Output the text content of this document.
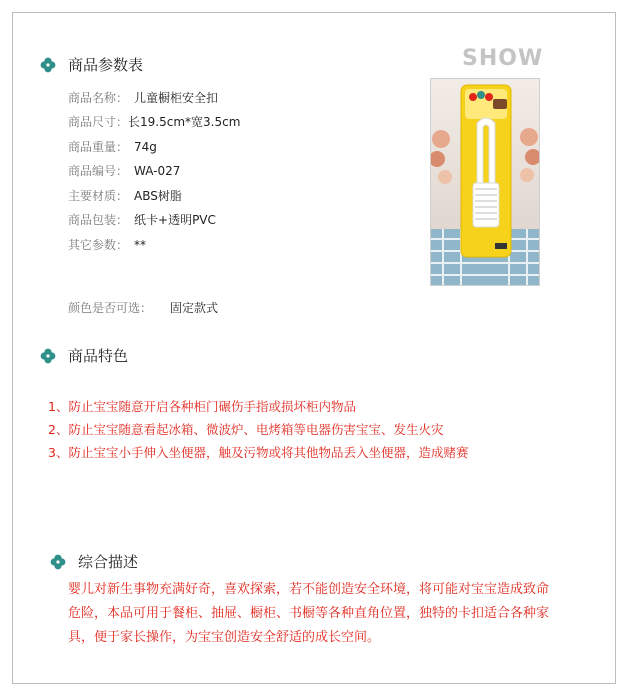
商品参数表
商品名称： 儿童橱柜安全扣
商品尺寸：长19.5cm*宽3.5cm
商品重量： 74g
商品编号： WA-027
主要材质： ABS树脂
商品包装： 纸卡+透明PVC
其它参数： **
颜色是否可选： 固定款式
SHOW
商品特色
1、防止宝宝随意开启各种柜门碾伤手指或损坏柜内物品
2、防止宝宝随意看起冰箱、微波炉、电烤箱等电器伤害宝宝、发生火灾
3、防止宝宝小手伸入坐便器，触及污物或将其他物品丢入坐便器，造成赌赛
综合描述
婴儿对新生事物充满好奇，喜欢探索，若不能创造安全环境，将可能对宝宝造成致命
危险，本品可用于餐柜、抽屉、橱柜、书橱等各种直角位置，独特的卡扣适合各种家
具，便于家长操作，为宝宝创造安全舒适的成长空间。
